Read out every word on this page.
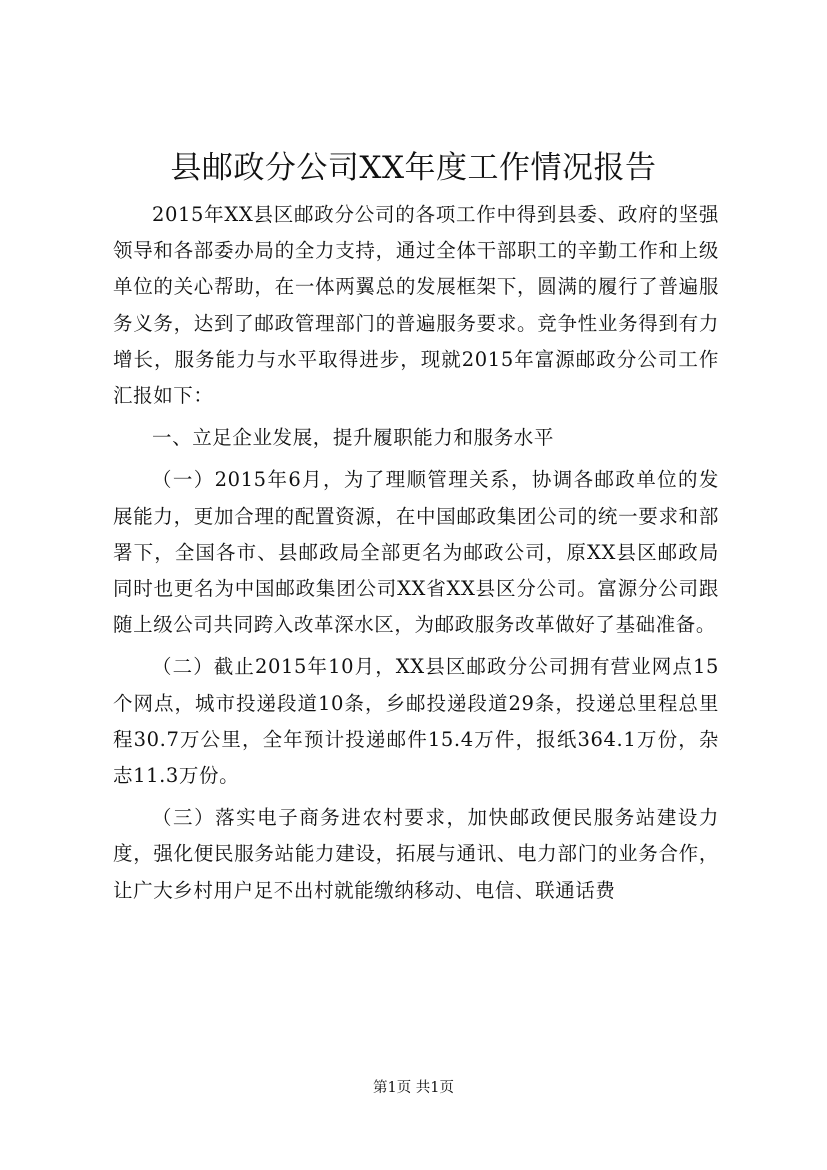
县邮政分公司XX年度工作情况报告

2015年XX县区邮政分公司的各项工作中得到县委、政府的坚强领导和各部委办局的全力支持，通过全体干部职工的辛勤工作和上级单位的关心帮助，在一体两翼总的发展框架下，圆满的履行了普遍服务义务，达到了邮政管理部门的普遍服务要求。竞争性业务得到有力增长，服务能力与水平取得进步，现就2015年富源邮政分公司工作汇报如下：

一、立足企业发展，提升履职能力和服务水平

（一）2015年6月，为了理顺管理关系，协调各邮政单位的发展能力，更加合理的配置资源，在中国邮政集团公司的统一要求和部署下，全国各市、县邮政局全部更名为邮政公司，原XX县区邮政局同时也更名为中国邮政集团公司XX省XX县区分公司。富源分公司跟随上级公司共同跨入改革深水区，为邮政服务改革做好了基础准备。

（二）截止2015年10月，XX县区邮政分公司拥有营业网点15个网点，城市投递段道10条，乡邮投递段道29条，投递总里程总里程30.7万公里，全年预计投递邮件15.4万件，报纸364.1万份，杂志11.3万份。

（三）落实电子商务进农村要求，加快邮政便民服务站建设力度，强化便民服务站能力建设，拓展与通讯、电力部门的业务合作，让广大乡村用户足不出村就能缴纳移动、电信、联通话费

第1页 共1页
